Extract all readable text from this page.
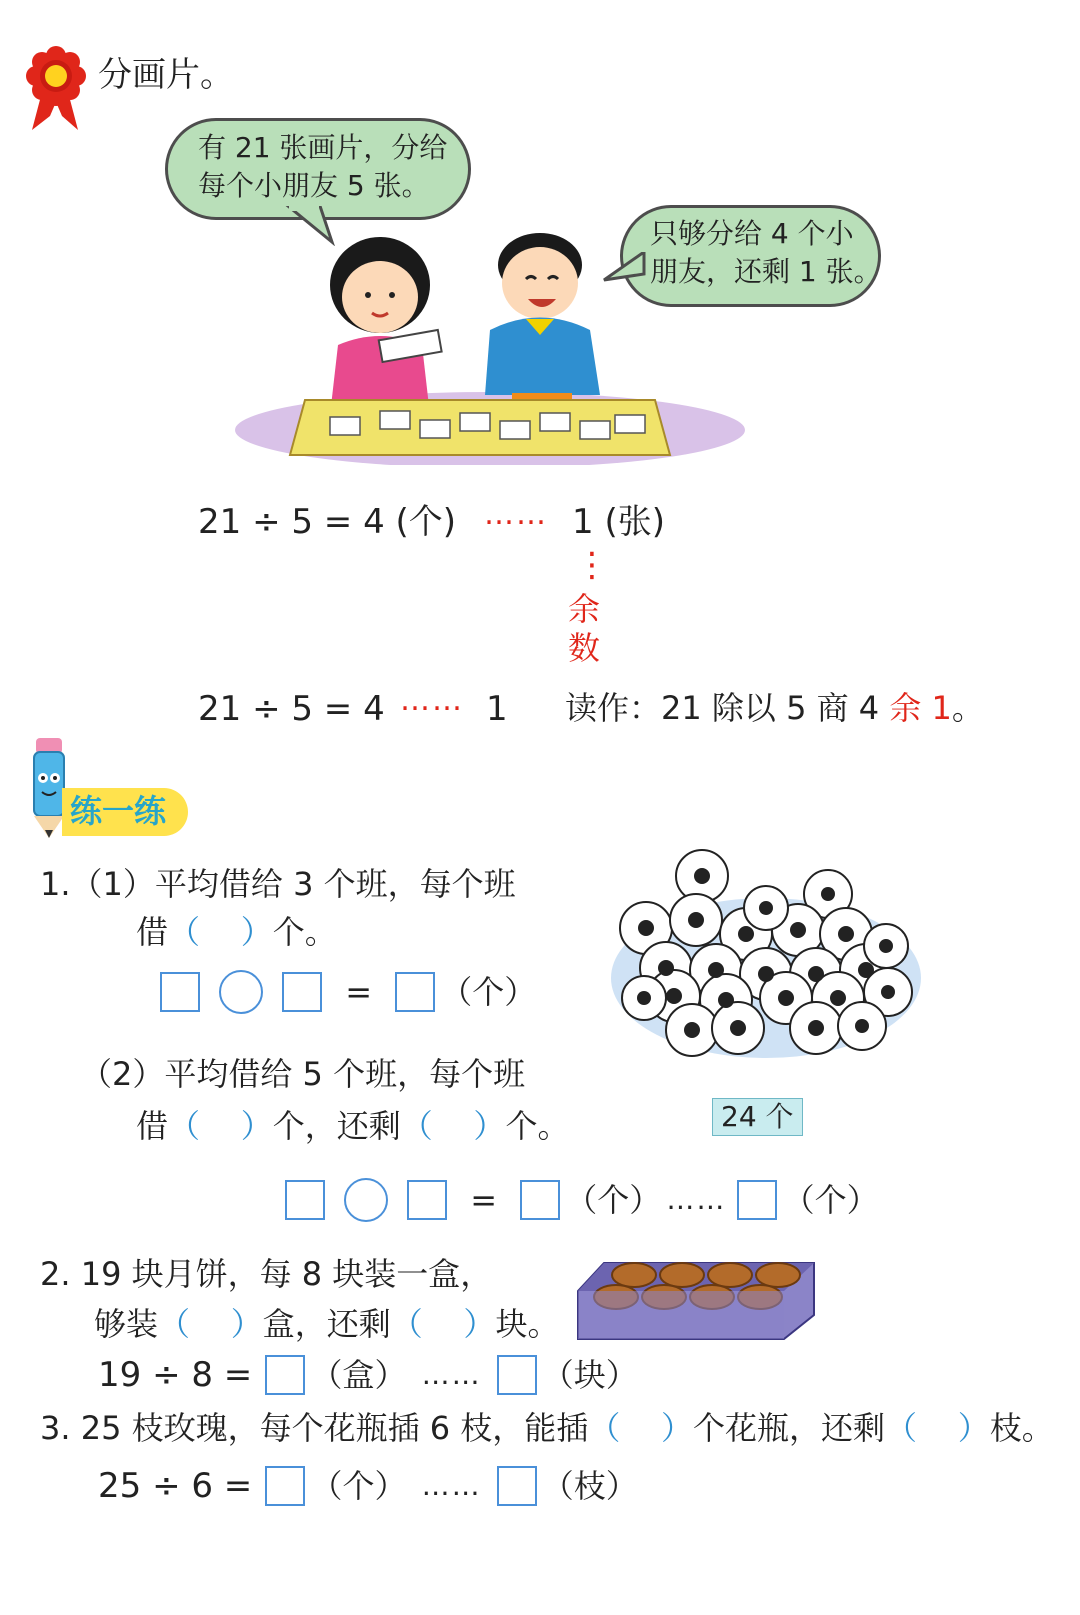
分画片。
有 21 张画片，分给
每个小朋友 5 张。
只够分给 4 个小
朋友，还剩 1 张。
21 ÷ 5 = 4 (个) …… 1 (张)
⋮
余
数
21 ÷ 5 = 4 …… 1 读作：21 除以 5 商 4 余 1。
练一练
1.（1）平均借给 3 个班，每个班
借（    ）个。
= （个）
（2）平均借给 5 个班，每个班
借（    ）个，还剩（    ）个。
= （个） …… （个）
24 个
2. 19 块月饼，每 8 块装一盒，
够装（    ）盒，还剩（    ）块。
19 ÷ 8 = （盒） …… （块）
3. 25 枝玫瑰，每个花瓶插 6 枝，能插（    ）个花瓶，还剩（    ）枝。
25 ÷ 6 = （个） …… （枝）
